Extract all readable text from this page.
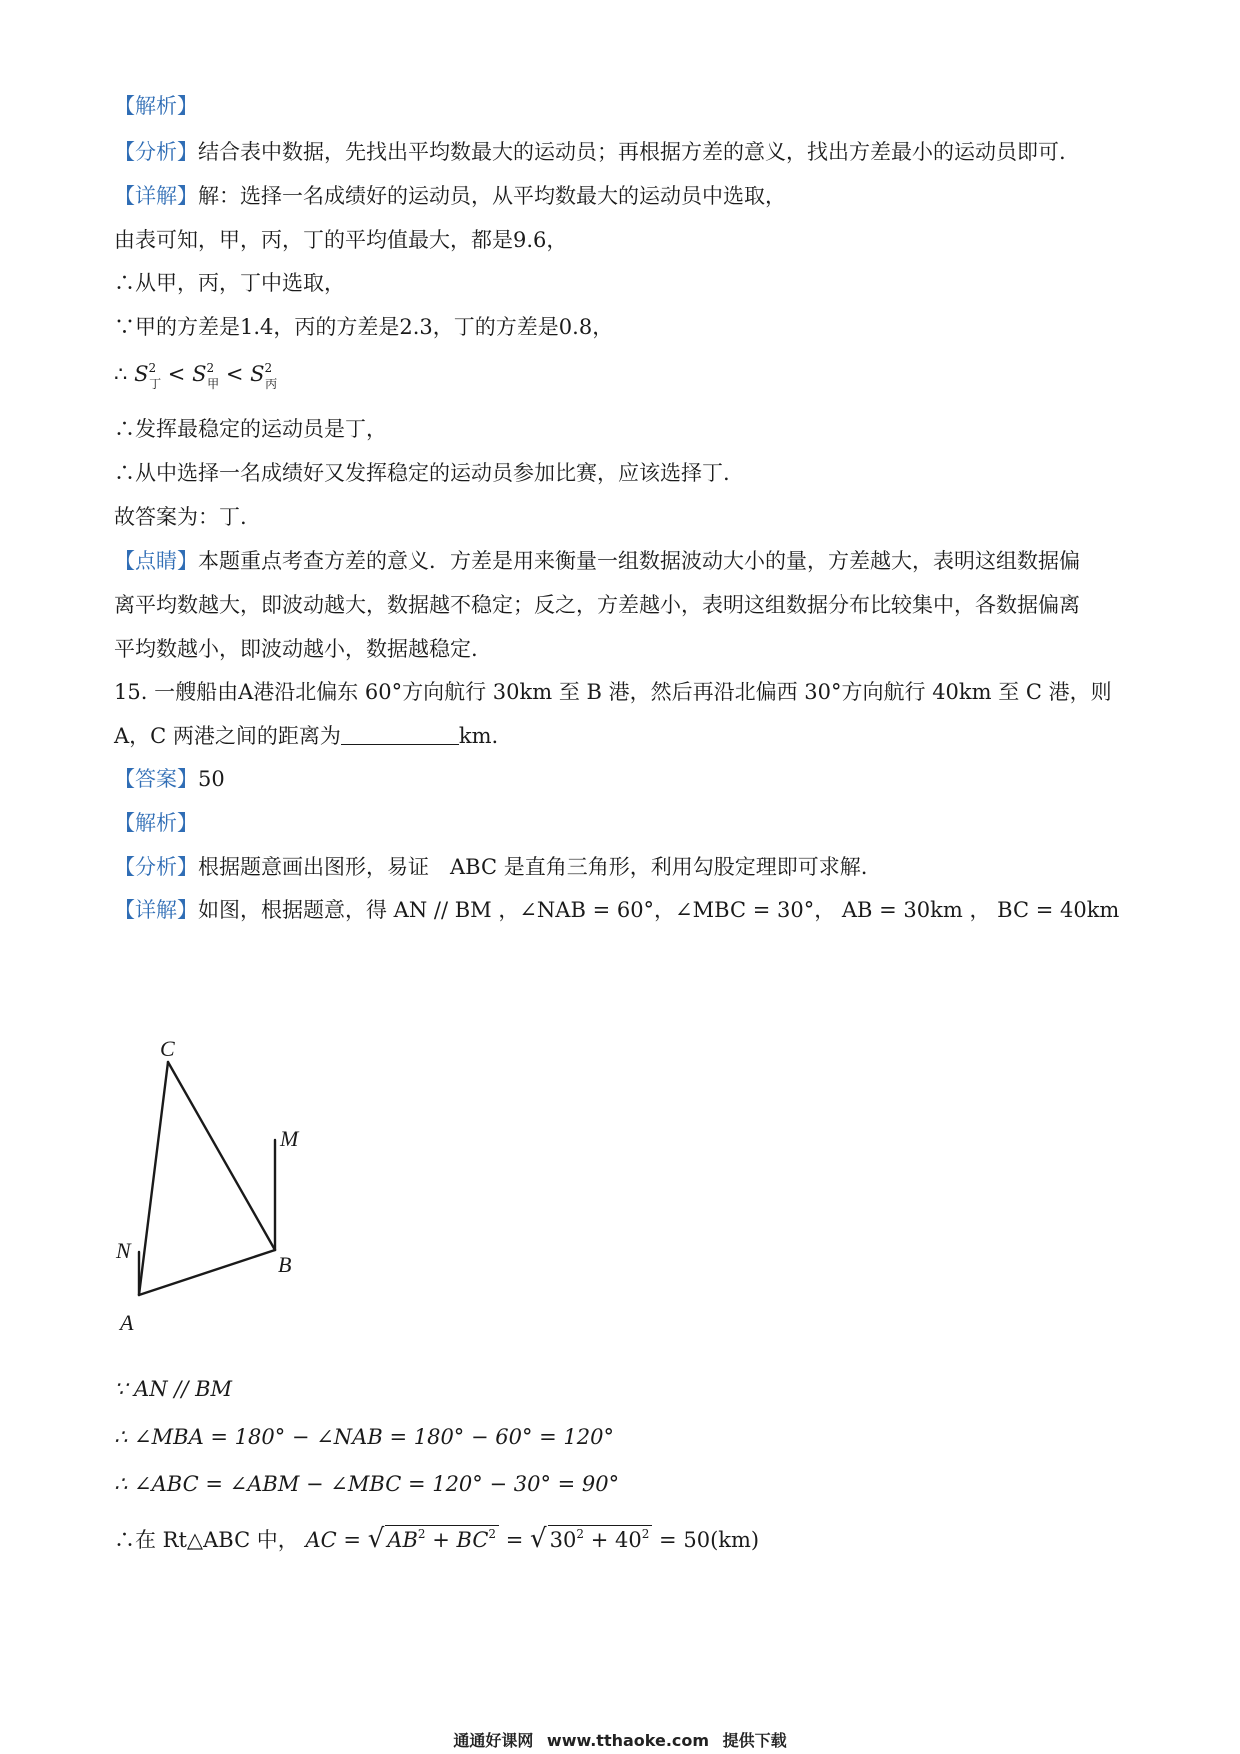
【解析】
【分析】结合表中数据，先找出平均数最大的运动员；再根据方差的意义，找出方差最小的运动员即可.
【详解】解：选择一名成绩好的运动员，从平均数最大的运动员中选取，
由表可知，甲，丙，丁的平均值最大，都是9.6，
∴从甲，丙，丁中选取，
∵甲的方差是1.4，丙的方差是2.3，丁的方差是0.8，
∴ $S^2_丁 < S^2_甲 < S^2_丙$
∴发挥最稳定的运动员是丁，
∴从中选择一名成绩好又发挥稳定的运动员参加比赛，应该选择丁.
故答案为：丁.
【点睛】本题重点考查方差的意义．方差是用来衡量一组数据波动大小的量，方差越大，表明这组数据偏
离平均数越大，即波动越大，数据越不稳定；反之，方差越小，表明这组数据分布比较集中，各数据偏离
平均数越小，即波动越小，数据越稳定.
15. 一艘船由A港沿北偏东 60°方向航行 30km 至 B 港，然后再沿北偏西 30°方向航行 40km 至 C 港，则
A，C 两港之间的距离为	km.
【答案】50
【解析】
【分析】根据题意画出图形，易证　ABC 是直角三角形，利用勾股定理即可求解.
【详解】如图，根据题意，得 AN // BM ，∠NAB = 60°，∠MBC = 30°， AB = 30km ， BC = 40km
C
M
N
B
A
∵ AN // BM
∴ ∠MBA = 180° − ∠NAB = 180° − 60° = 120°
∴ ∠ABC = ∠ABM − ∠MBC = 120° − 30° = 90°
∴在 Rt△ABC 中， AC = √ $AB^2 + BC^2$ = √ $30^2 + 40^2 = 50(km)$
通通好课网 www.tthaoke.com 提供下载
